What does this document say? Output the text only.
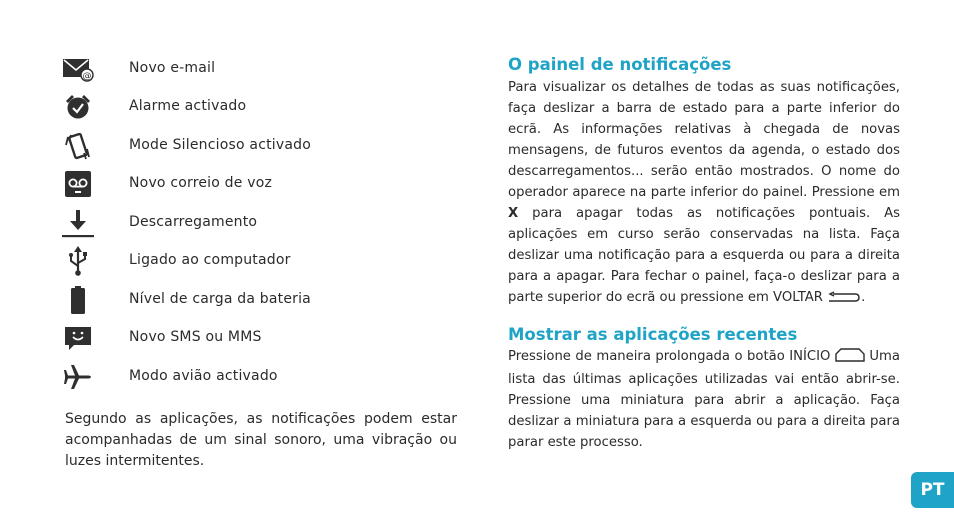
@
Novo e-mail
Alarme activado
Mode Silencioso activado
Novo correio de voz
Descarregamento
Ligado ao computador
Nível de carga da bateria
Novo SMS ou MMS
Modo avião activado
Segundo as aplicações, as notificações podem estar acompanhadas de um sinal sonoro, uma vibração ou luzes intermitentes.
O painel de notificações
Para visualizar os detalhes de todas as suas notificações, faça deslizar a barra de estado para a parte inferior do ecrã. As informações relativas à chegada de novas mensagens, de futuros eventos da agenda, o estado dos descarregamentos... serão então mostrados. O nome do operador aparece na parte inferior do painel. Pressione em X para apagar todas as notificações pontuais. As aplicações em curso serão conservadas na lista. Faça deslizar uma notificação para a esquerda ou para a direita para a apagar. Para fechar o painel, faça-o deslizar para a parte superior do ecrã ou pressione em VOLTAR	.
Mostrar as aplicações recentes
Pressione de maneira prolongada o botão INÍCIO	Uma lista das últimas aplicações utilizadas vai então abrir-se. Pressione uma miniatura para abrir a aplicação. Faça deslizar a miniatura para a esquerda ou para a direita para parar este processo.
PT
